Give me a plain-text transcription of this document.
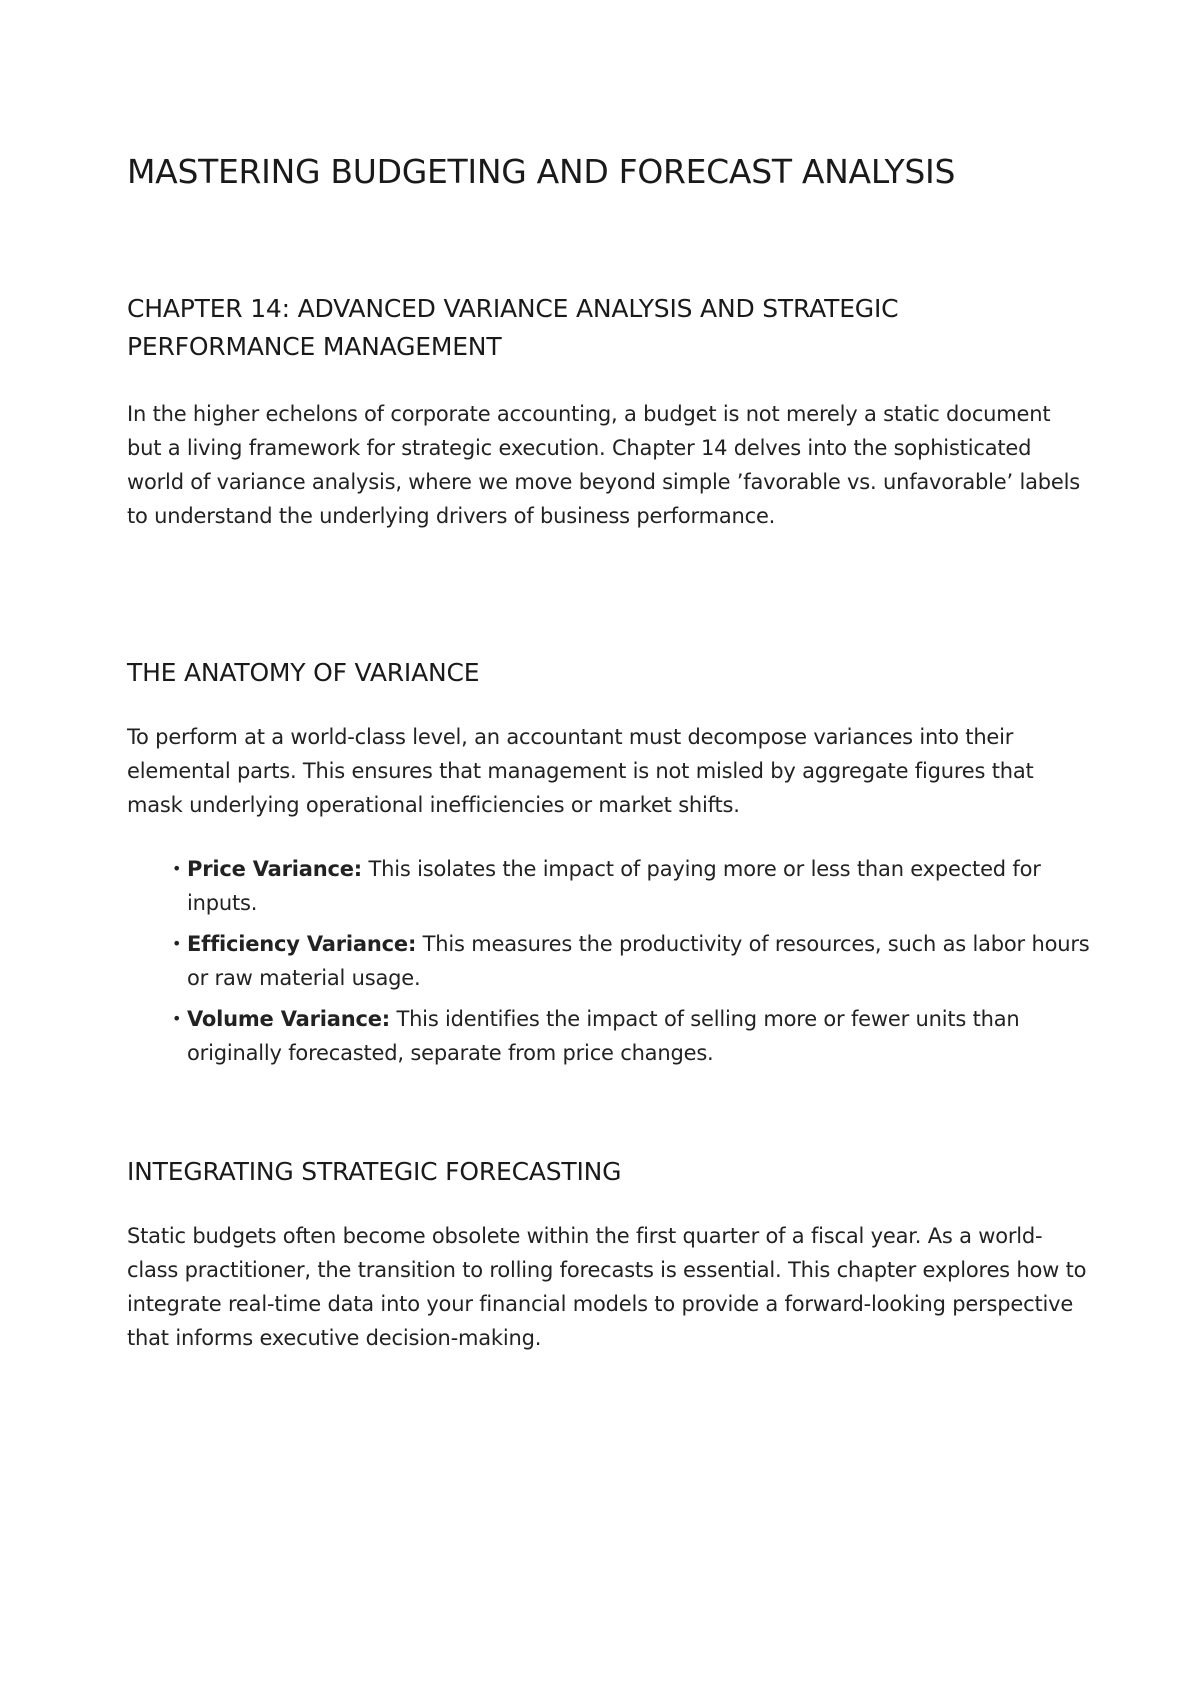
MASTERING BUDGETING AND FORECAST ANALYSIS
CHAPTER 14: ADVANCED VARIANCE ANALYSIS AND STRATEGIC PERFORMANCE MANAGEMENT

In the higher echelons of corporate accounting, a budget is not merely a static document but a living framework for strategic execution. Chapter 14 delves into the sophisticated world of variance analysis, where we move beyond simple ’favorable vs. unfavorable’ labels to understand the underlying drivers of business performance.

THE ANATOMY OF VARIANCE

To perform at a world-class level, an accountant must decompose variances into their elemental parts. This ensures that management is not misled by aggregate figures that mask underlying operational inefficiencies or market shifts.

• Price Variance: This isolates the impact of paying more or less than expected for inputs.
• Efficiency Variance: This measures the productivity of resources, such as labor hours or raw material usage.
• Volume Variance: This identifies the impact of selling more or fewer units than originally forecasted, separate from price changes.
INTEGRATING STRATEGIC FORECASTING

Static budgets often become obsolete within the first quarter of a fiscal year. As a world-class practitioner, the transition to rolling forecasts is essential. This chapter explores how to integrate real-time data into your financial models to provide a forward-looking perspective that informs executive decision-making.
